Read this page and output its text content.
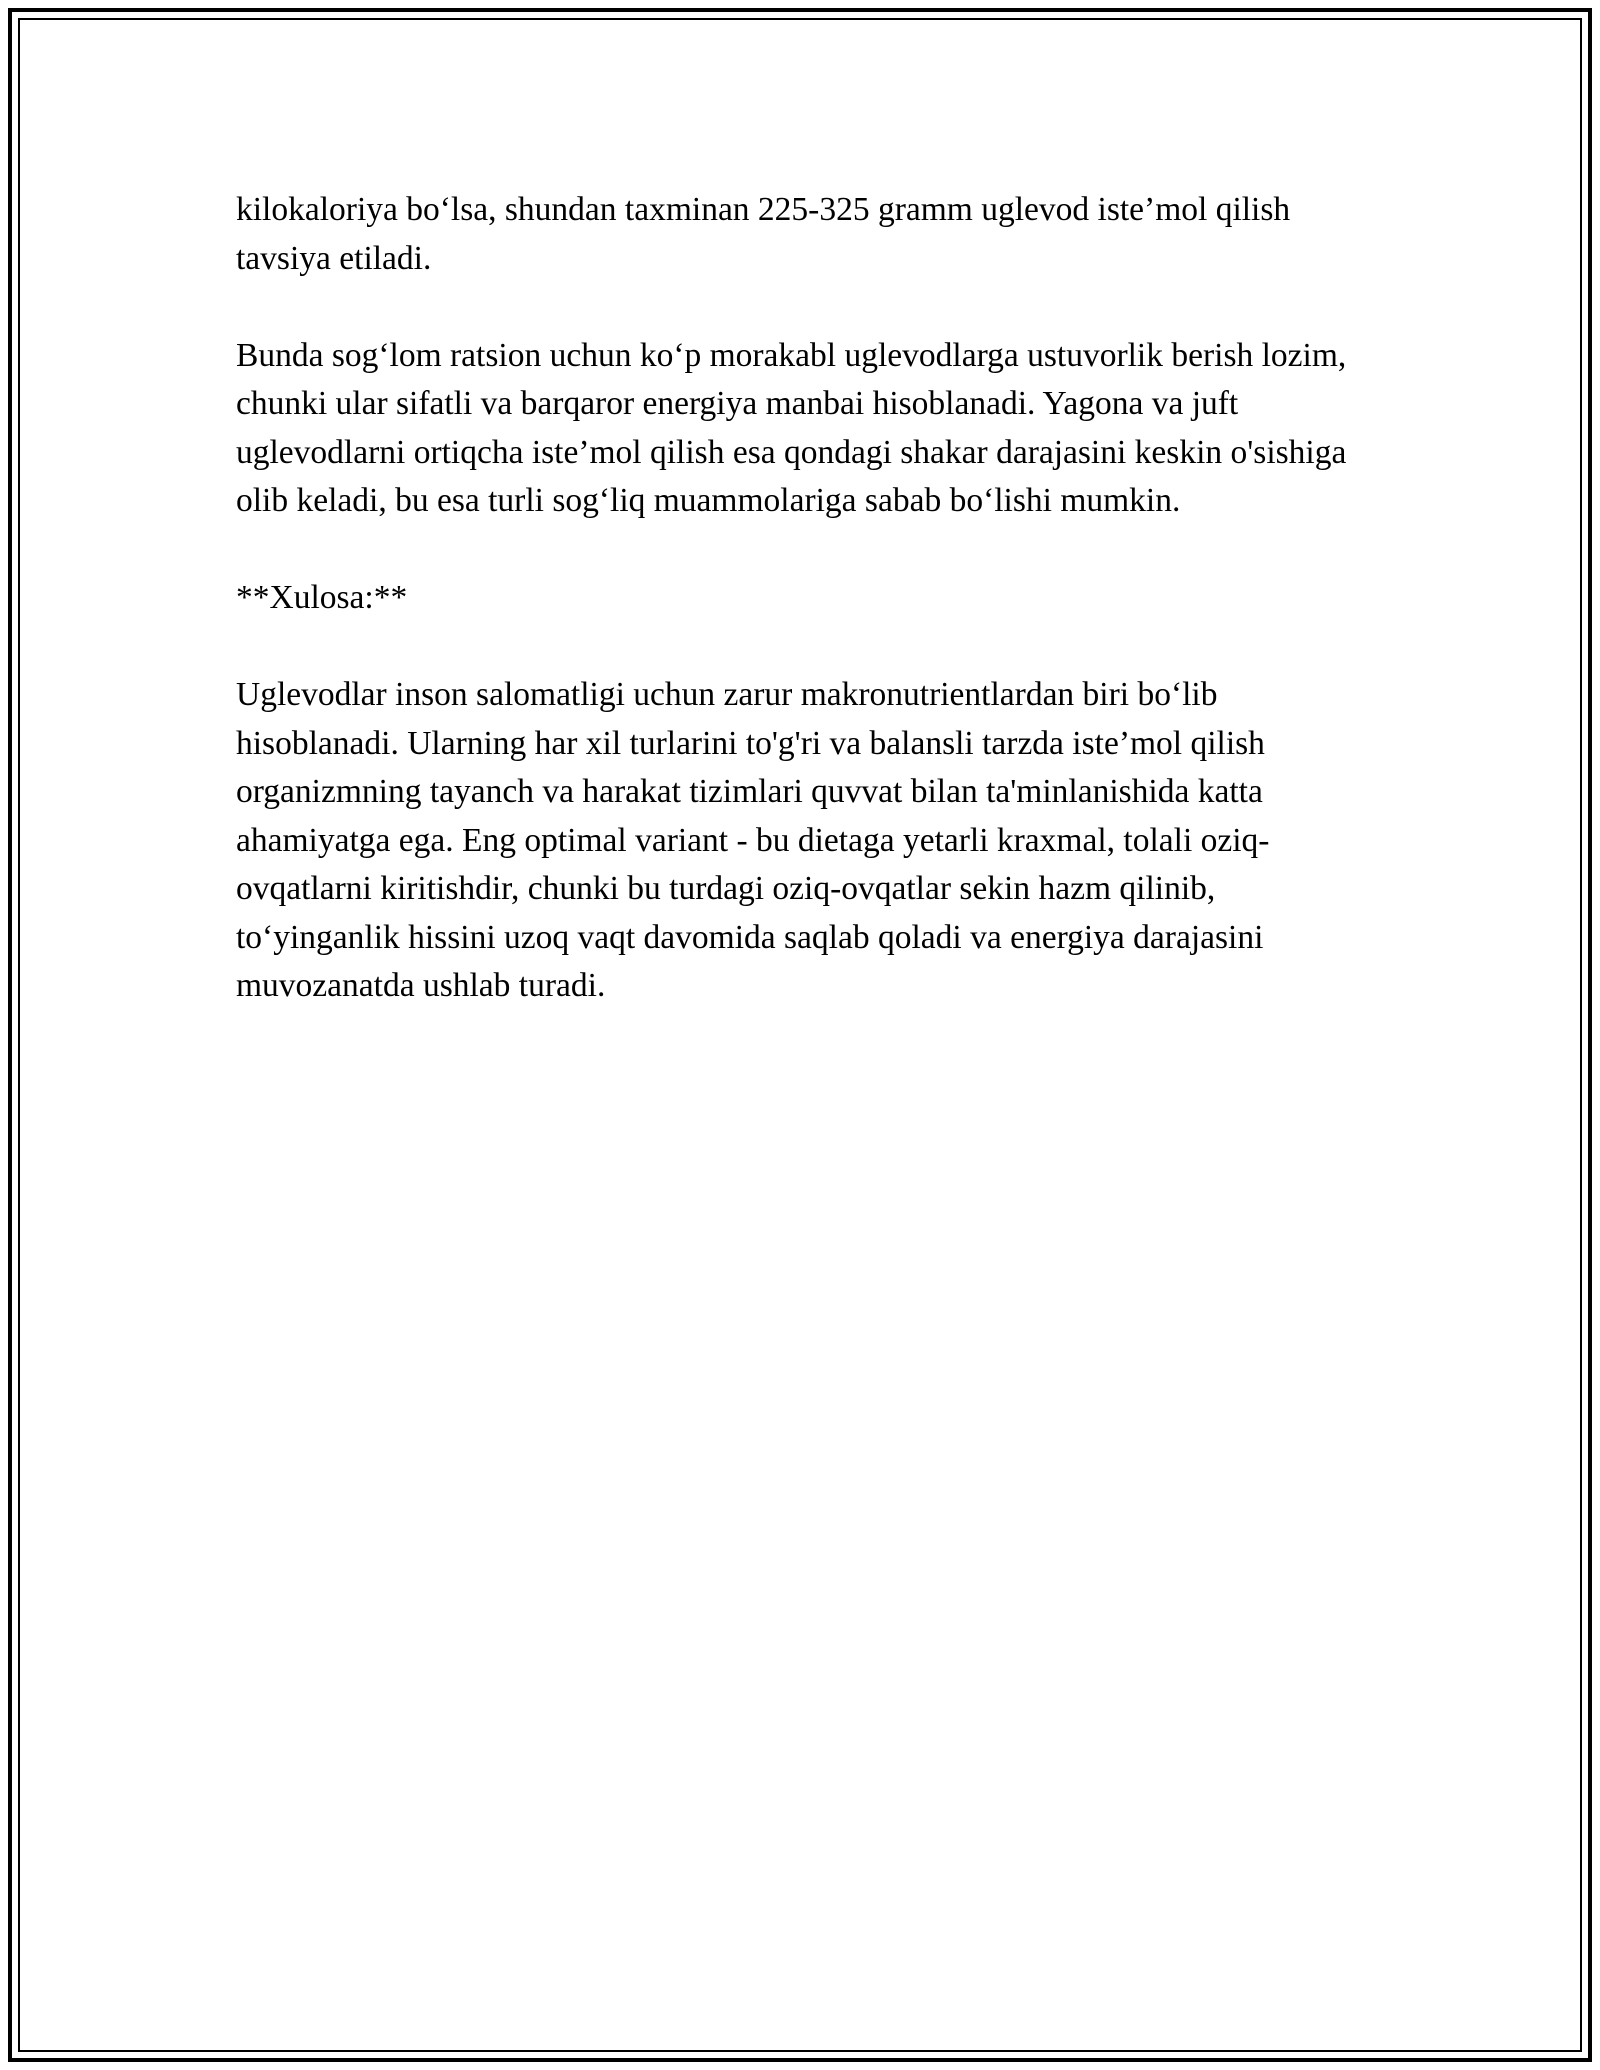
kilokaloriya bo‘lsa, shundan taxminan 225-325 gramm uglevod iste’mol qilish tavsiya etiladi.

Bunda sog‘lom ratsion uchun ko‘p morakabl uglevodlarga ustuvorlik berish lozim, chunki ular sifatli va barqaror energiya manbai hisoblanadi. Yagona va juft uglevodlarni ortiqcha iste’mol qilish esa qondagi shakar darajasini keskin o'sishiga olib keladi, bu esa turli sog‘liq muammolariga sabab bo‘lishi mumkin.

**Xulosa:**

Uglevodlar inson salomatligi uchun zarur makronutrientlardan biri bo‘lib hisoblanadi. Ularning har xil turlarini to'g'ri va balansli tarzda iste’mol qilish organizmning tayanch va harakat tizimlari quvvat bilan ta'minlanishida katta ahamiyatga ega. Eng optimal variant - bu dietaga yetarli kraxmal, tolali oziq-ovqatlarni kiritishdir, chunki bu turdagi oziq-ovqatlar sekin hazm qilinib, to‘yinganlik hissini uzoq vaqt davomida saqlab qoladi va energiya darajasini muvozanatda ushlab turadi.
